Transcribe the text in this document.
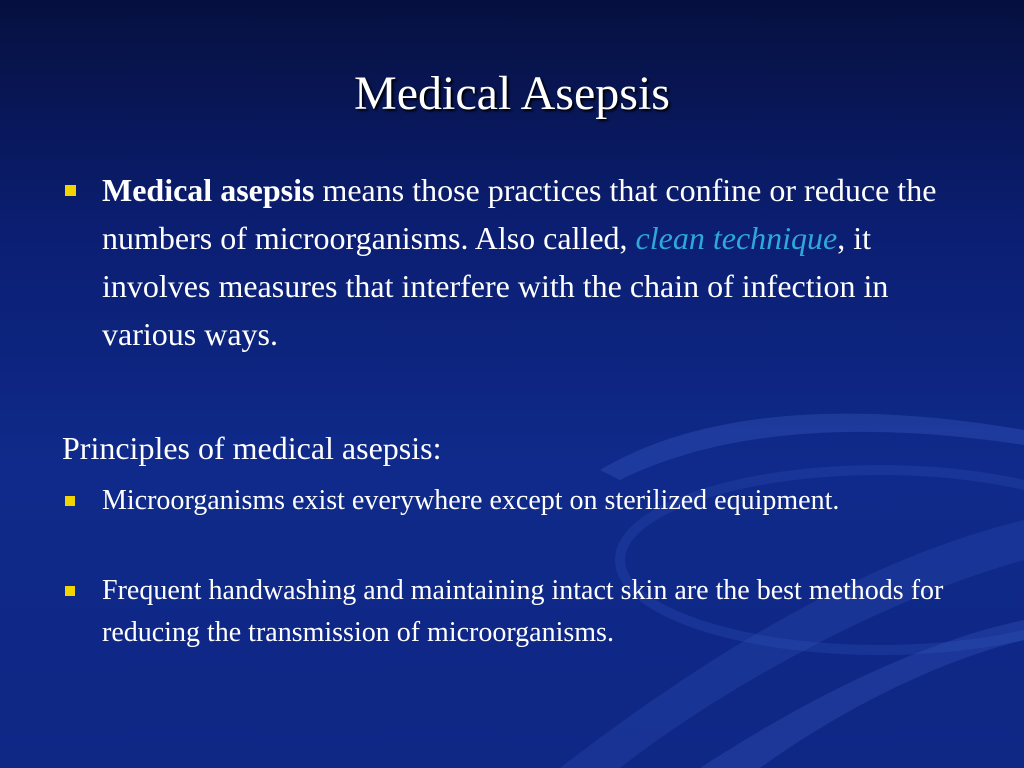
Medical Asepsis
Medical asepsis means those practices that confine or reduce the numbers of microorganisms. Also called, clean technique, it involves measures that interfere with the chain of infection in various ways.
Principles of medical asepsis:
Microorganisms exist everywhere except on sterilized equipment.
Frequent handwashing and maintaining intact skin are the best methods for reducing the transmission of microorganisms.
